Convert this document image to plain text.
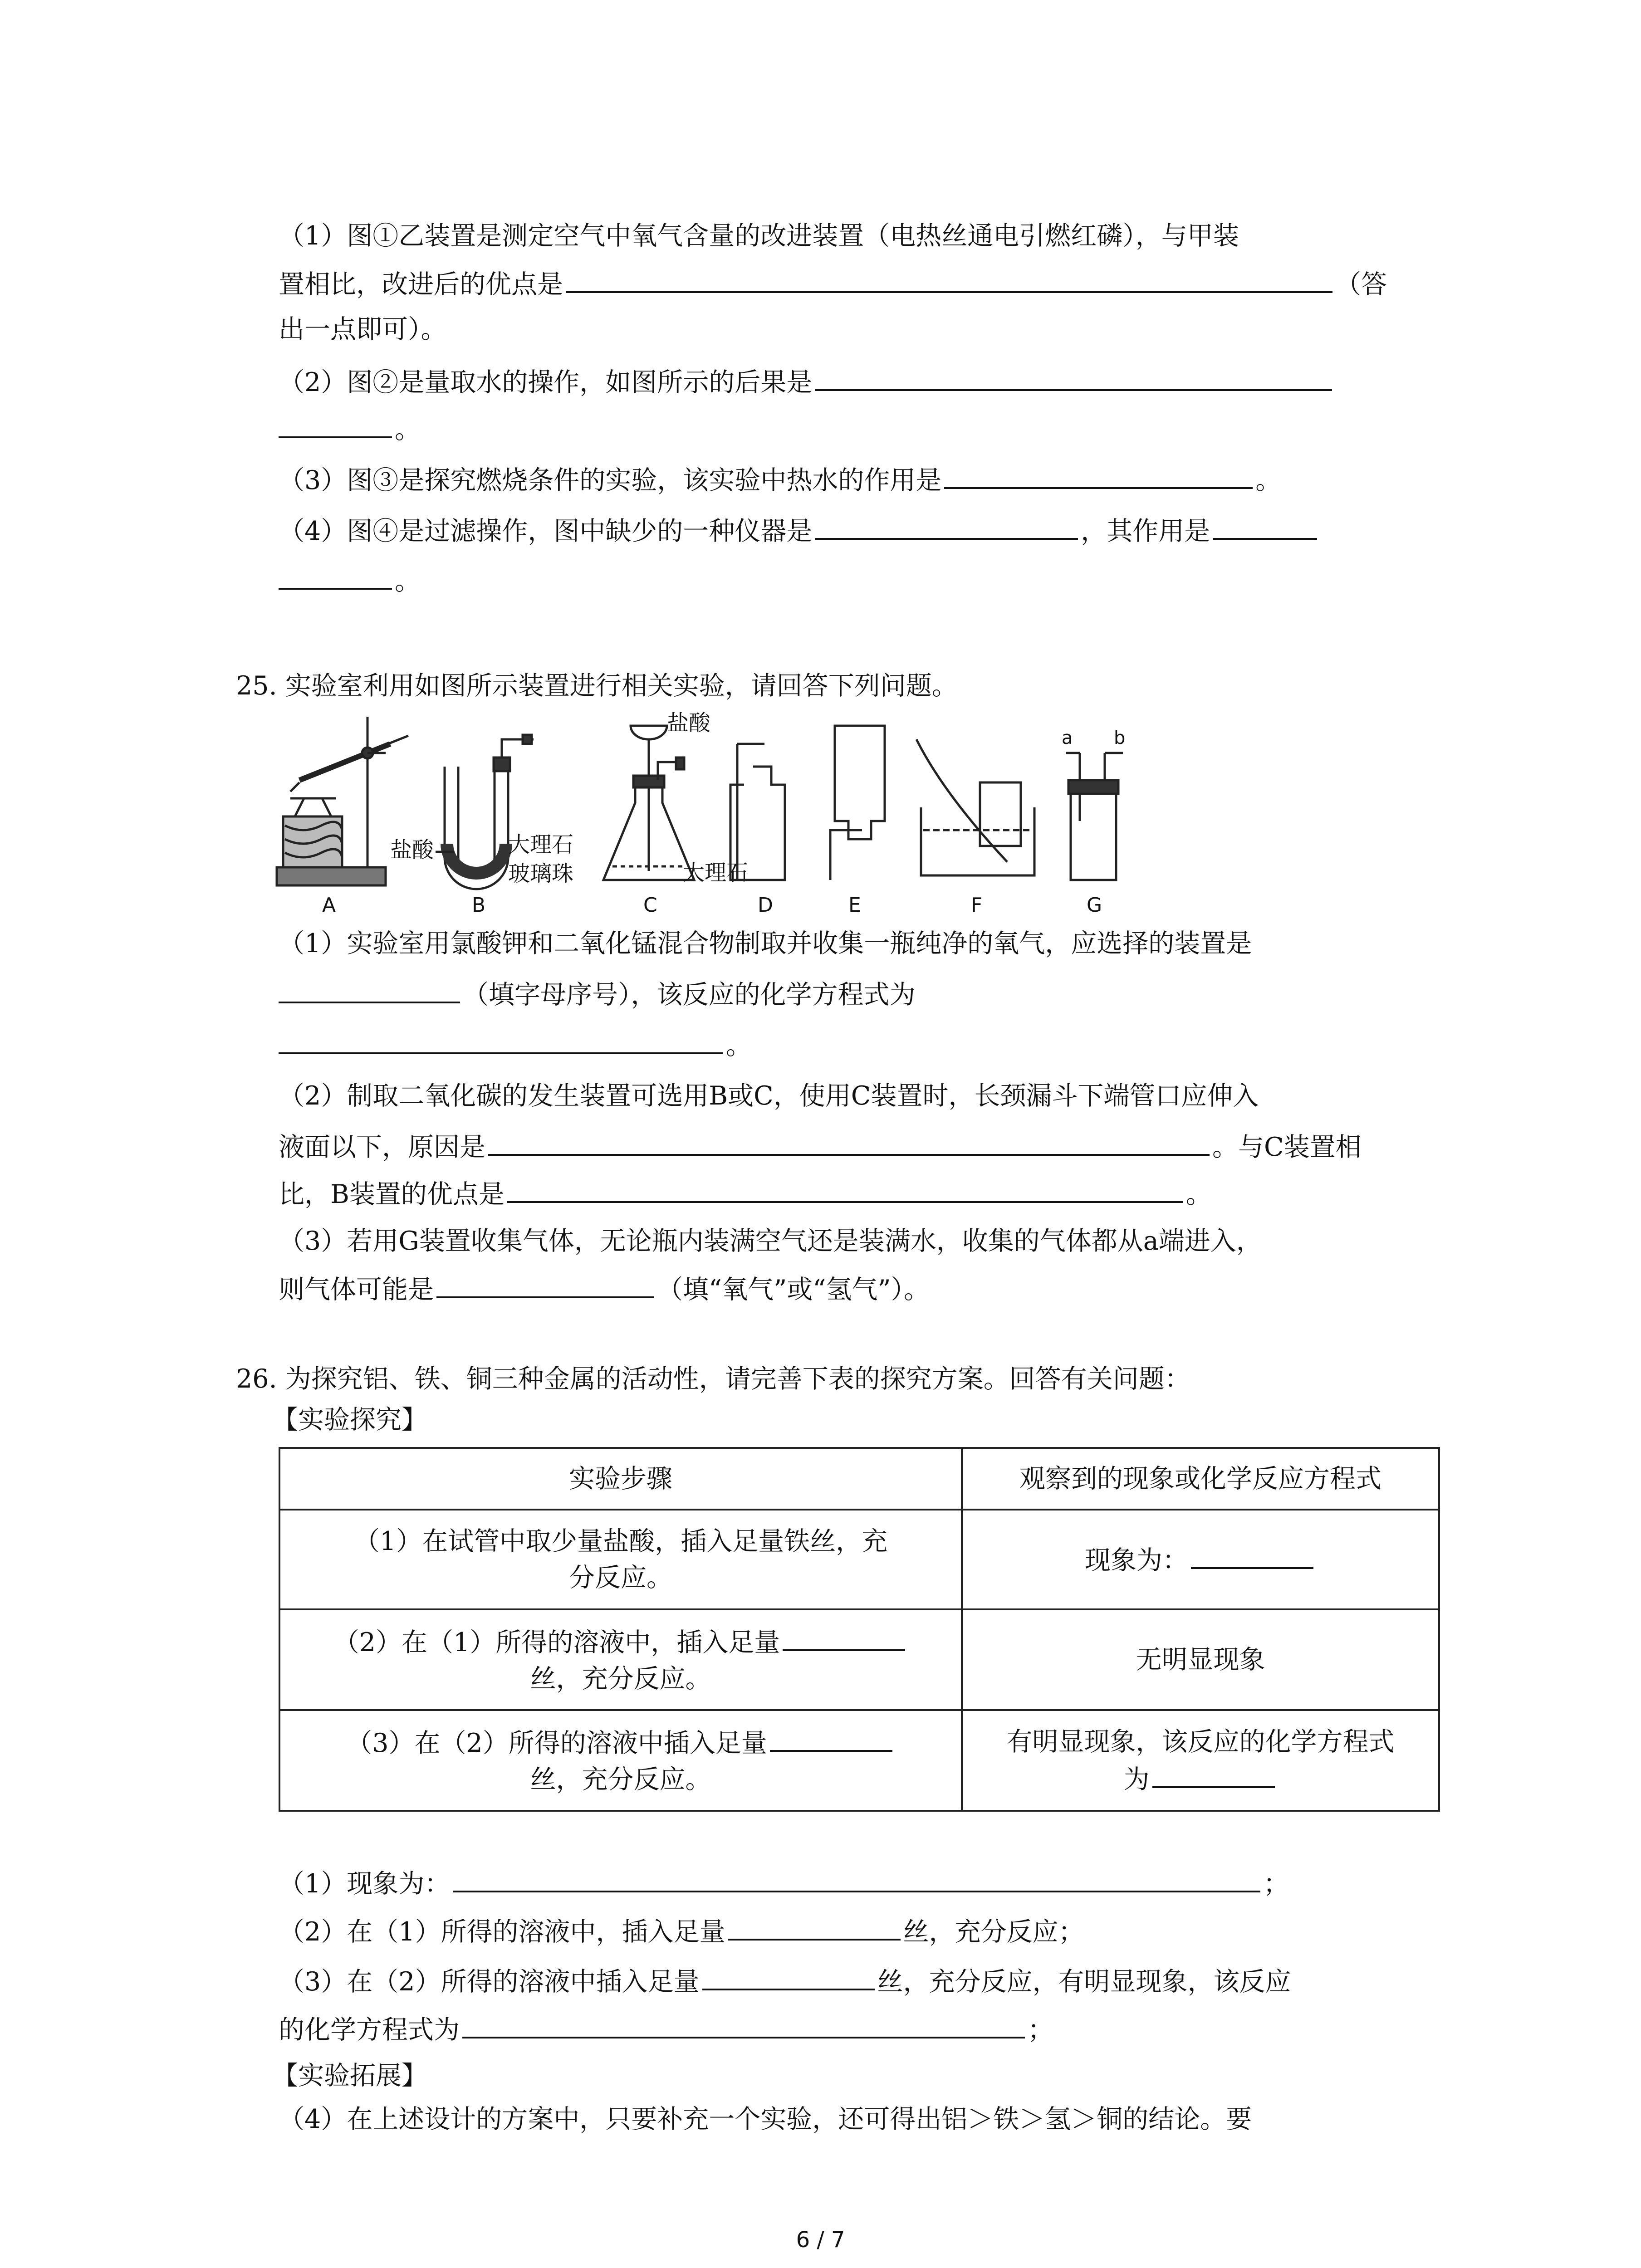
（1）图①乙装置是测定空气中氧气含量的改进装置（电热丝通电引燃红磷），与甲装
置相比，改进后的优点是	（答
出一点即可）。
（2）图②是量取水的操作，如图所示的后果是
。
（3）图③是探究燃烧条件的实验，该实验中热水的作用是	。
（4）图④是过滤操作，图中缺少的一种仪器是	，其作用是
。
25. 实验室利用如图所示装置进行相关实验，请回答下列问题。
盐酸	大理石
玻璃珠
盐酸
大理石
a b
A	B	C	D	E	F	G
（1）实验室用氯酸钾和二氧化锰混合物制取并收集一瓶纯净的氧气，应选择的装置是
（填字母序号），该反应的化学方程式为
。
（2）制取二氧化碳的发生装置可选用B或C，使用C装置时，长颈漏斗下端管口应伸入
液面以下，原因是	。与C装置相
比，B装置的优点是	。
（3）若用G装置收集气体，无论瓶内装满空气还是装满水，收集的气体都从a端进入，
则气体可能是	（填“氧气”或“氢气”）。
26. 为探究铝、铁、铜三种金属的活动性，请完善下表的探究方案。回答有关问题：
【实验探究】
实验步骤	观察到的现象或化学反应方程式
（1）在试管中取少量盐酸，插入足量铁丝，充
分反应。	现象为：
（2）在（1）所得的溶液中，插入足量
丝，充分反应。	无明显现象
（3）在（2）所得的溶液中插入足量
丝，充分反应。	有明显现象，该反应的化学方程式
为
（1）现象为：	；
（2）在（1）所得的溶液中，插入足量	丝，充分反应；
（3）在（2）所得的溶液中插入足量	丝，充分反应，有明显现象，该反应
的化学方程式为	；
【实验拓展】
（4）在上述设计的方案中，只要补充一个实验，还可得出铝＞铁＞氢＞铜的结论。要
6 / 7
